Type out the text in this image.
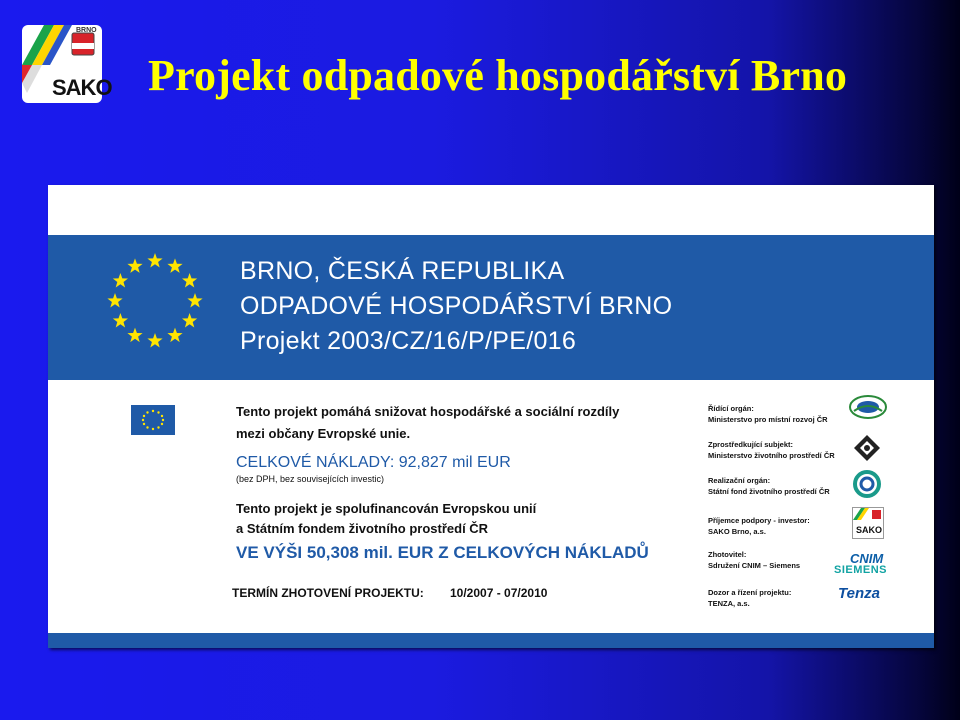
BRNO
SAKO Projekt odpadové hospodářství Brno

BRNO, ČESKÁ REPUBLIKA

ODPADOVÉ HOSPODÁŘSTVÍ BRNO

Projekt 2003/CZ/16/P/PE/016

Tento projekt pomáhá snižovat hospodářské a sociální rozdíly

mezi občany Evropské unie.

CELKOVÉ NÁKLADY: 92,827 mil EUR

(bez DPH, bez souvisejících investic)

Tento projekt je spolufinancován Evropskou unií

a Státním fondem životního prostředí ČR

VE VÝŠI 50,308 mil. EUR Z CELKOVÝCH NÁKLADŮ

TERMÍN ZHOTOVENÍ PROJEKTU: 10/2007 - 07/2010

Řídící orgán:

Ministerstvo pro místní rozvoj ČR

Zprostředkující subjekt:

Ministerstvo životního prostředí ČR

Realizační orgán:

Státní fond životního prostředí ČR

Příjemce podpory - investor:

SAKO Brno, a.s.

Zhotovitel:

Sdružení CNIM – Siemens

Dozor a řízení projektu:

TENZA, a.s.

SAKO
CNIM
SIEMENS
Tenza
